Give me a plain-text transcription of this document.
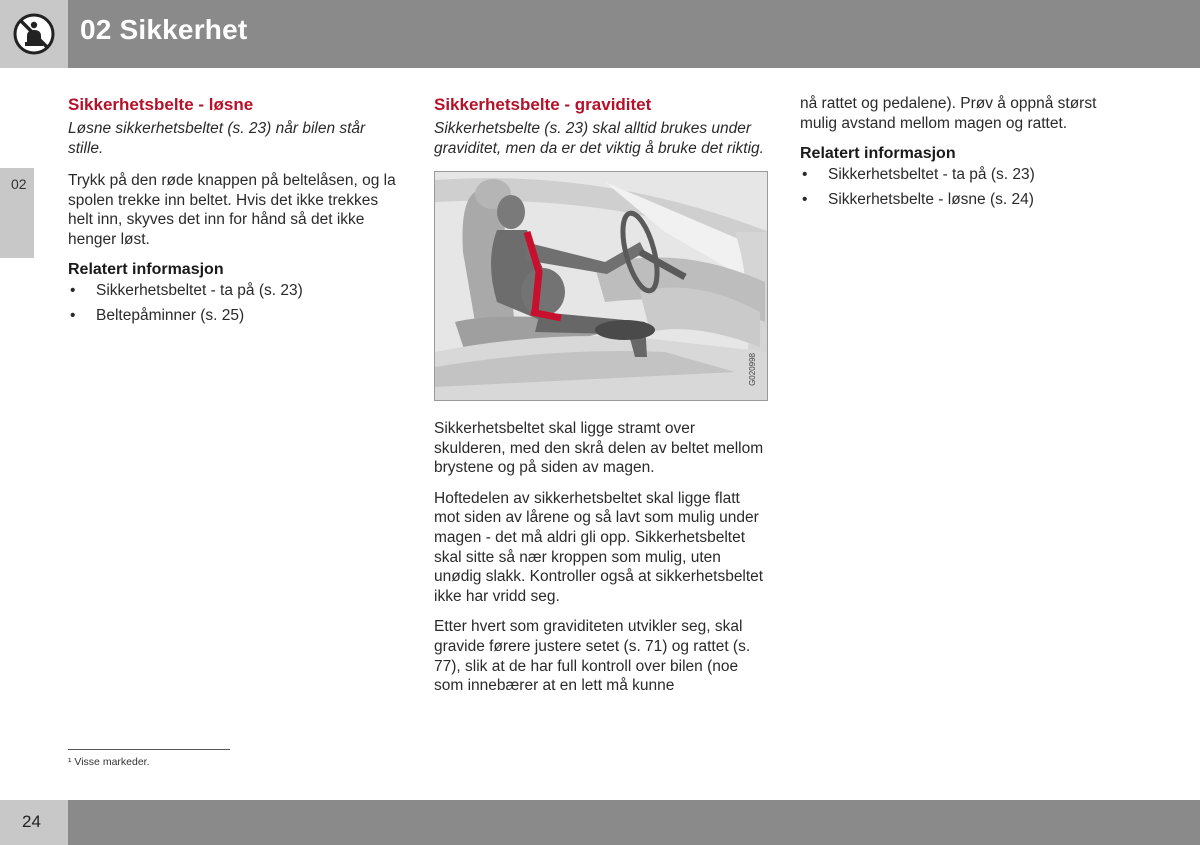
02 Sikkerhet
02
Sikkerhetsbelte - løsne
Løsne sikkerhetsbeltet (s. 23) når bilen står stille.
Trykk på den røde knappen på beltelåsen, og la spolen trekke inn beltet. Hvis det ikke trekkes helt inn, skyves det inn for hånd så det ikke henger løst.
Relatert informasjon
• Sikkerhetsbeltet - ta på (s. 23)
• Beltepåminner (s. 25)
Sikkerhetsbelte - graviditet
Sikkerhetsbelte (s. 23) skal alltid brukes under graviditet, men da er det viktig å bruke det riktig.
G020998
Sikkerhetsbeltet skal ligge stramt over skulderen, med den skrå delen av beltet mellom brystene og på siden av magen.
Hoftedelen av sikkerhetsbeltet skal ligge flatt mot siden av lårene og så lavt som mulig under magen - det må aldri gli opp. Sikkerhetsbeltet skal sitte så nær kroppen som mulig, uten unødig slakk. Kontroller også at sikkerhetsbeltet ikke har vridd seg.
Etter hvert som graviditeten utvikler seg, skal gravide førere justere setet (s. 71) og rattet (s. 77), slik at de har full kontroll over bilen (noe som innebærer at en lett må kunne
nå rattet og pedalene). Prøv å oppnå størst mulig avstand mellom magen og rattet.
Relatert informasjon
• Sikkerhetsbeltet - ta på (s. 23)
• Sikkerhetsbelte - løsne (s. 24)
¹ Visse markeder.
24
